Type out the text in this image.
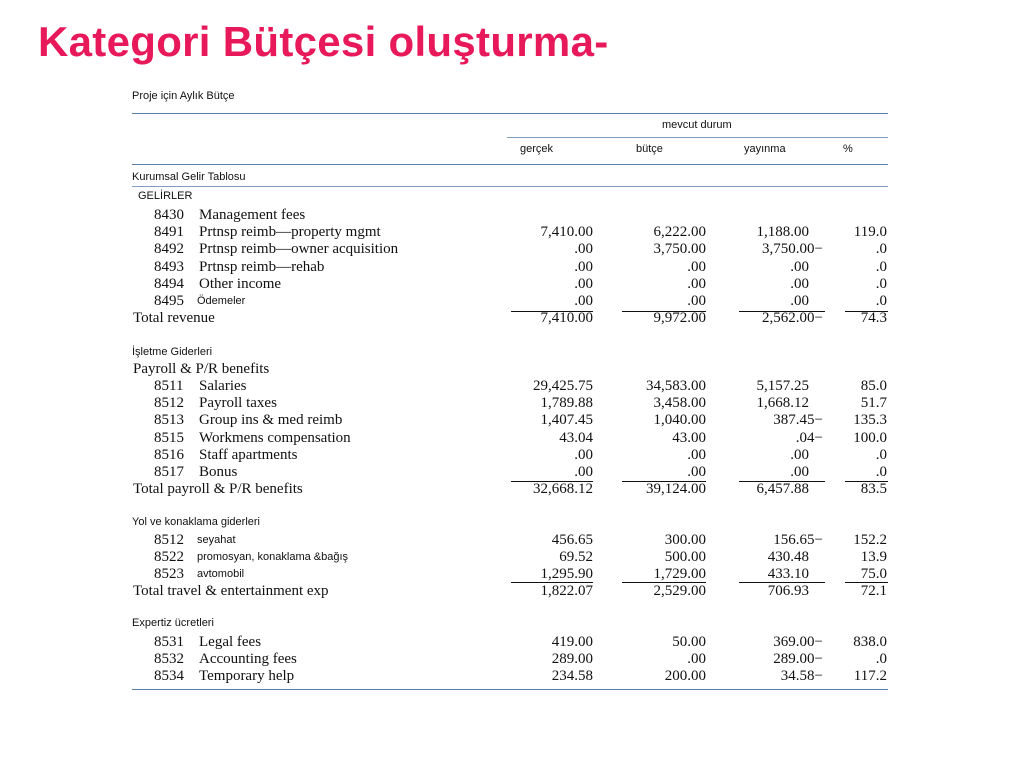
Kategori Bütçesi oluşturma-
Proje için Aylık Bütçe
mevcut durum
gerçek	bütçe	yayınma	%
Kurumsal Gelir Tablosu
GELİRLER
8430 Management fees
8491 Prtnsp reimb—property mgmt	7,410.00	6,222.00	1,188.00	119.0
8492 Prtnsp reimb—owner acquisition	.00	3,750.00	3,750.00−	.0
8493 Prtnsp reimb—rehab	.00	.00	.00	.0
8494 Other income	.00	.00	.00	.0
8495 Ödemeler	.00	.00	.00	.0
Total revenue	7,410.00	9,972.00	2,562.00−	74.3
İşletme Giderleri
Payroll & P/R benefits
8511 Salaries	29,425.75	34,583.00	5,157.25	85.0
8512 Payroll taxes	1,789.88	3,458.00	1,668.12	51.7
8513 Group ins & med reimb	1,407.45	1,040.00	387.45− 135.3
8515 Workmens compensation	43.04	43.00	.04− 100.0
8516 Staff apartments	.00	.00	.00	.0
8517 Bonus	.00	.00	.00	.0
Total payroll & P/R benefits	32,668.12	39,124.00	6,457.88	83.5
Yol ve konaklama giderleri
8512 seyahat	456.65	300.00	156.65− 152.2
8522 promosyan, konaklama &bağış	69.52	500.00	430.48	13.9
8523 avtomobil	1,295.90	1,729.00	433.10	75.0
Total travel & entertainment exp	1,822.07	2,529.00	706.93	72.1
Expertiz ücretleri
8531 Legal fees	419.00	50.00	369.00− 838.0
8532 Accounting fees	289.00	.00	289.00−	.0
8534 Temporary help	234.58	200.00	34.58− 117.2
